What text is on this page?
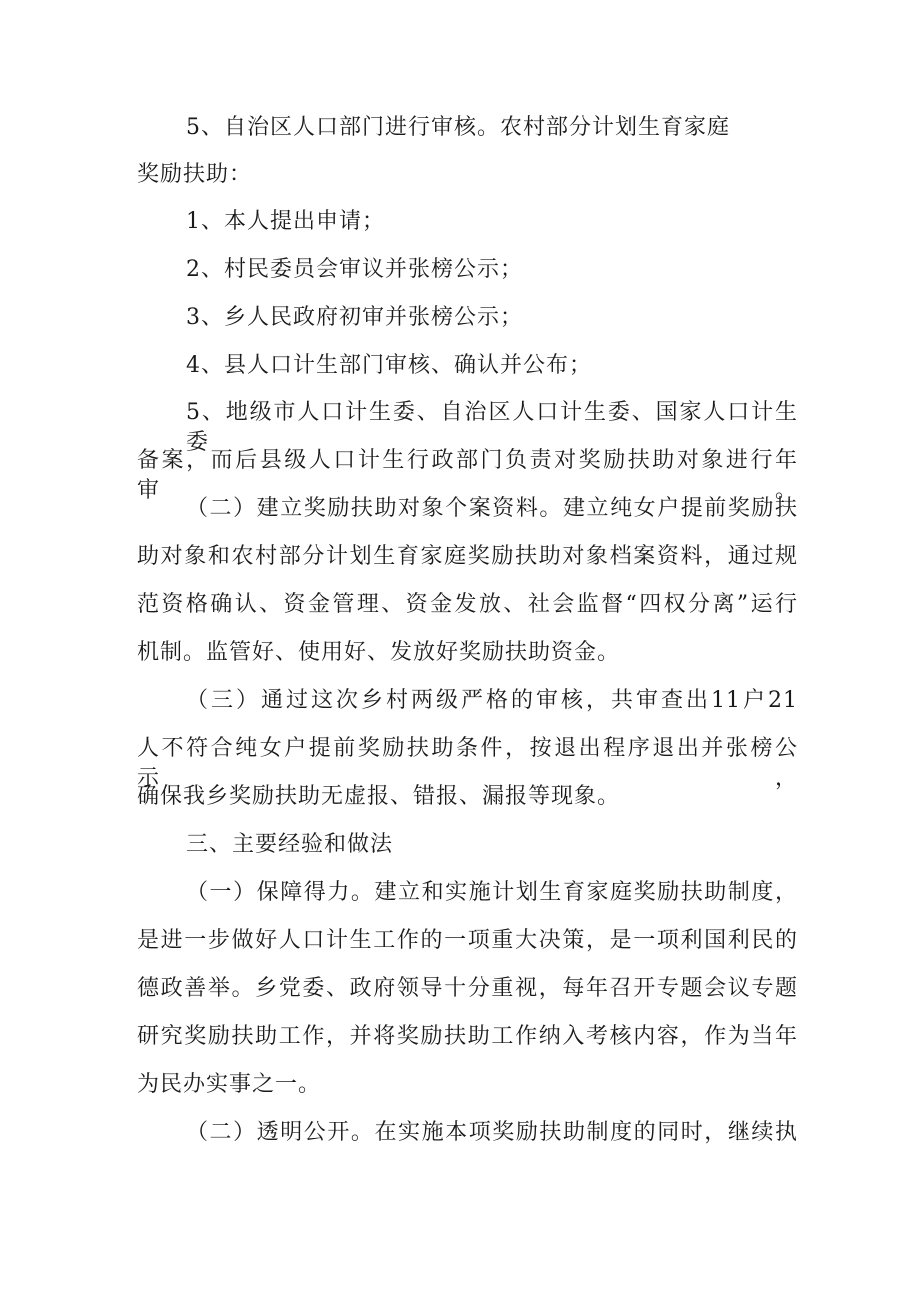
5、自治区人口部门进行审核。农村部分计划生育家庭
奖励扶助：
1、本人提出申请；
2、村民委员会审议并张榜公示；
3、乡人民政府初审并张榜公示；
4、县人口计生部门审核、确认并公布；
5、地级市人口计生委、自治区人口计生委、国家人口计生委
备案，而后县级人口计生行政部门负责对奖励扶助对象进行年审。
（二）建立奖励扶助对象个案资料。建立纯女户提前奖励扶
助对象和农村部分计划生育家庭奖励扶助对象档案资料，通过规
范资格确认、资金管理、资金发放、社会监督“四权分离”运行
机制。监管好、使用好、发放好奖励扶助资金。
（三）通过这次乡村两级严格的审核，共审查出11户21
人不符合纯女户提前奖励扶助条件，按退出程序退出并张榜公示，
确保我乡奖励扶助无虚报、错报、漏报等现象。
三、主要经验和做法
（一）保障得力。建立和实施计划生育家庭奖励扶助制度，
是进一步做好人口计生工作的一项重大决策，是一项利国利民的
德政善举。乡党委、政府领导十分重视，每年召开专题会议专题
研究奖励扶助工作，并将奖励扶助工作纳入考核内容，作为当年
为民办实事之一。
（二）透明公开。在实施本项奖励扶助制度的同时，继续执
